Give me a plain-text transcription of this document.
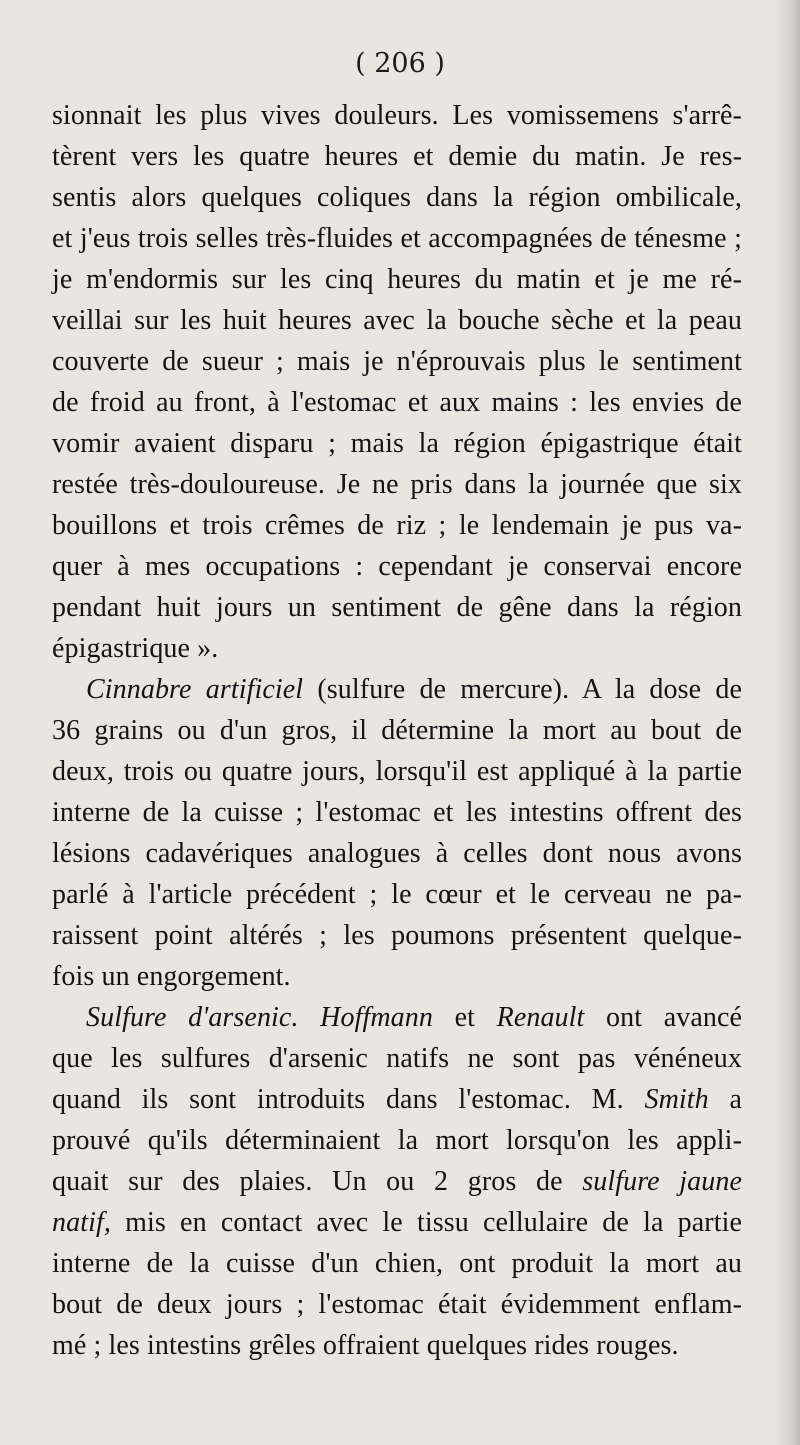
( 206 )
sionnait les plus vives douleurs. Les vomissemens s'arrê-
tèrent vers les quatre heures et demie du matin. Je res-
sentis alors quelques coliques dans la région ombilicale,
et j'eus trois selles très-fluides et accompagnées de ténesme ;
je m'endormis sur les cinq heures du matin et je me ré-
veillai sur les huit heures avec la bouche sèche et la peau
couverte de sueur ; mais je n'éprouvais plus le sentiment
de froid au front, à l'estomac et aux mains : les envies de
vomir avaient disparu ; mais la région épigastrique était
restée très-douloureuse. Je ne pris dans la journée que six
bouillons et trois crêmes de riz ; le lendemain je pus va-
quer à mes occupations : cependant je conservai encore
pendant huit jours un sentiment de gêne dans la région
épigastrique ».
Cinnabre artificiel (sulfure de mercure). A la dose de
36 grains ou d'un gros, il détermine la mort au bout de
deux, trois ou quatre jours, lorsqu'il est appliqué à la partie
interne de la cuisse ; l'estomac et les intestins offrent des
lésions cadavériques analogues à celles dont nous avons
parlé à l'article précédent ; le cœur et le cerveau ne pa-
raissent point altérés ; les poumons présentent quelque-
fois un engorgement.
Sulfure d'arsenic. Hoffmann et Renault ont avancé
que les sulfures d'arsenic natifs ne sont pas vénéneux
quand ils sont introduits dans l'estomac. M. Smith a
prouvé qu'ils déterminaient la mort lorsqu'on les appli-
quait sur des plaies. Un ou 2 gros de sulfure jaune
natif, mis en contact avec le tissu cellulaire de la partie
interne de la cuisse d'un chien, ont produit la mort au
bout de deux jours ; l'estomac était évidemment enflam-
mé ; les intestins grêles offraient quelques rides rouges.
